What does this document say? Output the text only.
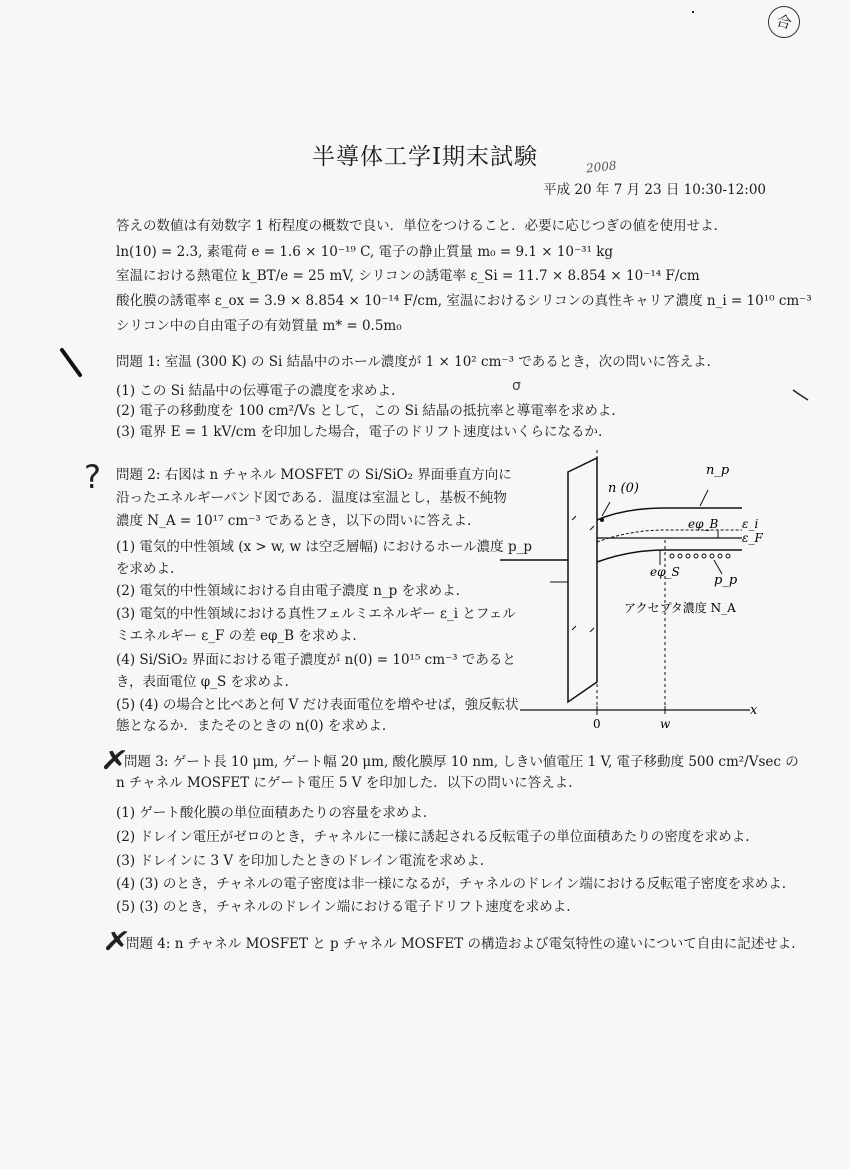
合
半導体工学Ⅰ期末試験	2008
平成 20 年 7 月 23 日 10:30-12:00
答えの数値は有効数字 1 桁程度の概数で良い．単位をつけること．必要に応じつぎの値を使用せよ．
ln(10) = 2.3, 素電荷 e = 1.6 × 10⁻¹⁹ C, 電子の静止質量 m₀ = 9.1 × 10⁻³¹ kg
室温における熱電位 k_BT/e = 25 mV, シリコンの誘電率 ε_Si = 11.7 × 8.854 × 10⁻¹⁴ F/cm
酸化膜の誘電率 ε_ox = 3.9 × 8.854 × 10⁻¹⁴ F/cm, 室温におけるシリコンの真性キャリア濃度 n_i = 10¹⁰ cm⁻³
シリコン中の自由電子の有効質量 m* = 0.5m₀
問題 1: 室温 (300 K) の Si 結晶中のホール濃度が 1 × 10² cm⁻³ であるとき，次の問いに答えよ.
(1) この Si 結晶中の伝導電子の濃度を求めよ.	σ
(2) 電子の移動度を 100 cm²/Vs として，この Si 結晶の抵抗率と導電率を求めよ.
(3) 電界 E = 1 kV/cm を印加した場合，電子のドリフト速度はいくらになるか.
? 問題 2: 右図は n チャネル MOSFET の Si/SiO₂ 界面垂直方向に
沿ったエネルギーバンド図である．温度は室温とし，基板不純物
濃度 N_A = 10¹⁷ cm⁻³ であるとき，以下の問いに答えよ.
(1) 電気的中性領域 (x > w, w は空乏層幅) におけるホール濃度 p_p
を求めよ.
(2) 電気的中性領域における自由電子濃度 n_p を求めよ.
(3) 電気的中性領域における真性フェルミエネルギー ε_i とフェル
ミエネルギー ε_F の差 eφ_B を求めよ.
(4) Si/SiO₂ 界面における電子濃度が n(0) = 10¹⁵ cm⁻³ であると
き，表面電位 φ_S を求めよ.
(5) (4) の場合と比べあと何 V だけ表面電位を増やせば，強反転状
態となるか．またそのときの n(0) を求めよ.
n (0)
n_p
eφ_B ε_i
ε_F
eφ_S
p_p
アクセプタ濃度 N_A
0	w
x
✗
問題 3: ゲート長 10 μm, ゲート幅 20 μm, 酸化膜厚 10 nm, しきい値電圧 1 V, 電子移動度 500 cm²/Vsec の
n チャネル MOSFET にゲート電圧 5 V を印加した．以下の問いに答えよ.
(1) ゲート酸化膜の単位面積あたりの容量を求めよ.
(2) ドレイン電圧がゼロのとき，チャネルに一様に誘起される反転電子の単位面積あたりの密度を求めよ.
(3) ドレインに 3 V を印加したときのドレイン電流を求めよ.
(4) (3) のとき，チャネルの電子密度は非一様になるが，チャネルのドレイン端における反転電子密度を求めよ.
(5) (3) のとき，チャネルのドレイン端における電子ドリフト速度を求めよ.
✗
問題 4: n チャネル MOSFET と p チャネル MOSFET の構造および電気特性の違いについて自由に記述せよ.
